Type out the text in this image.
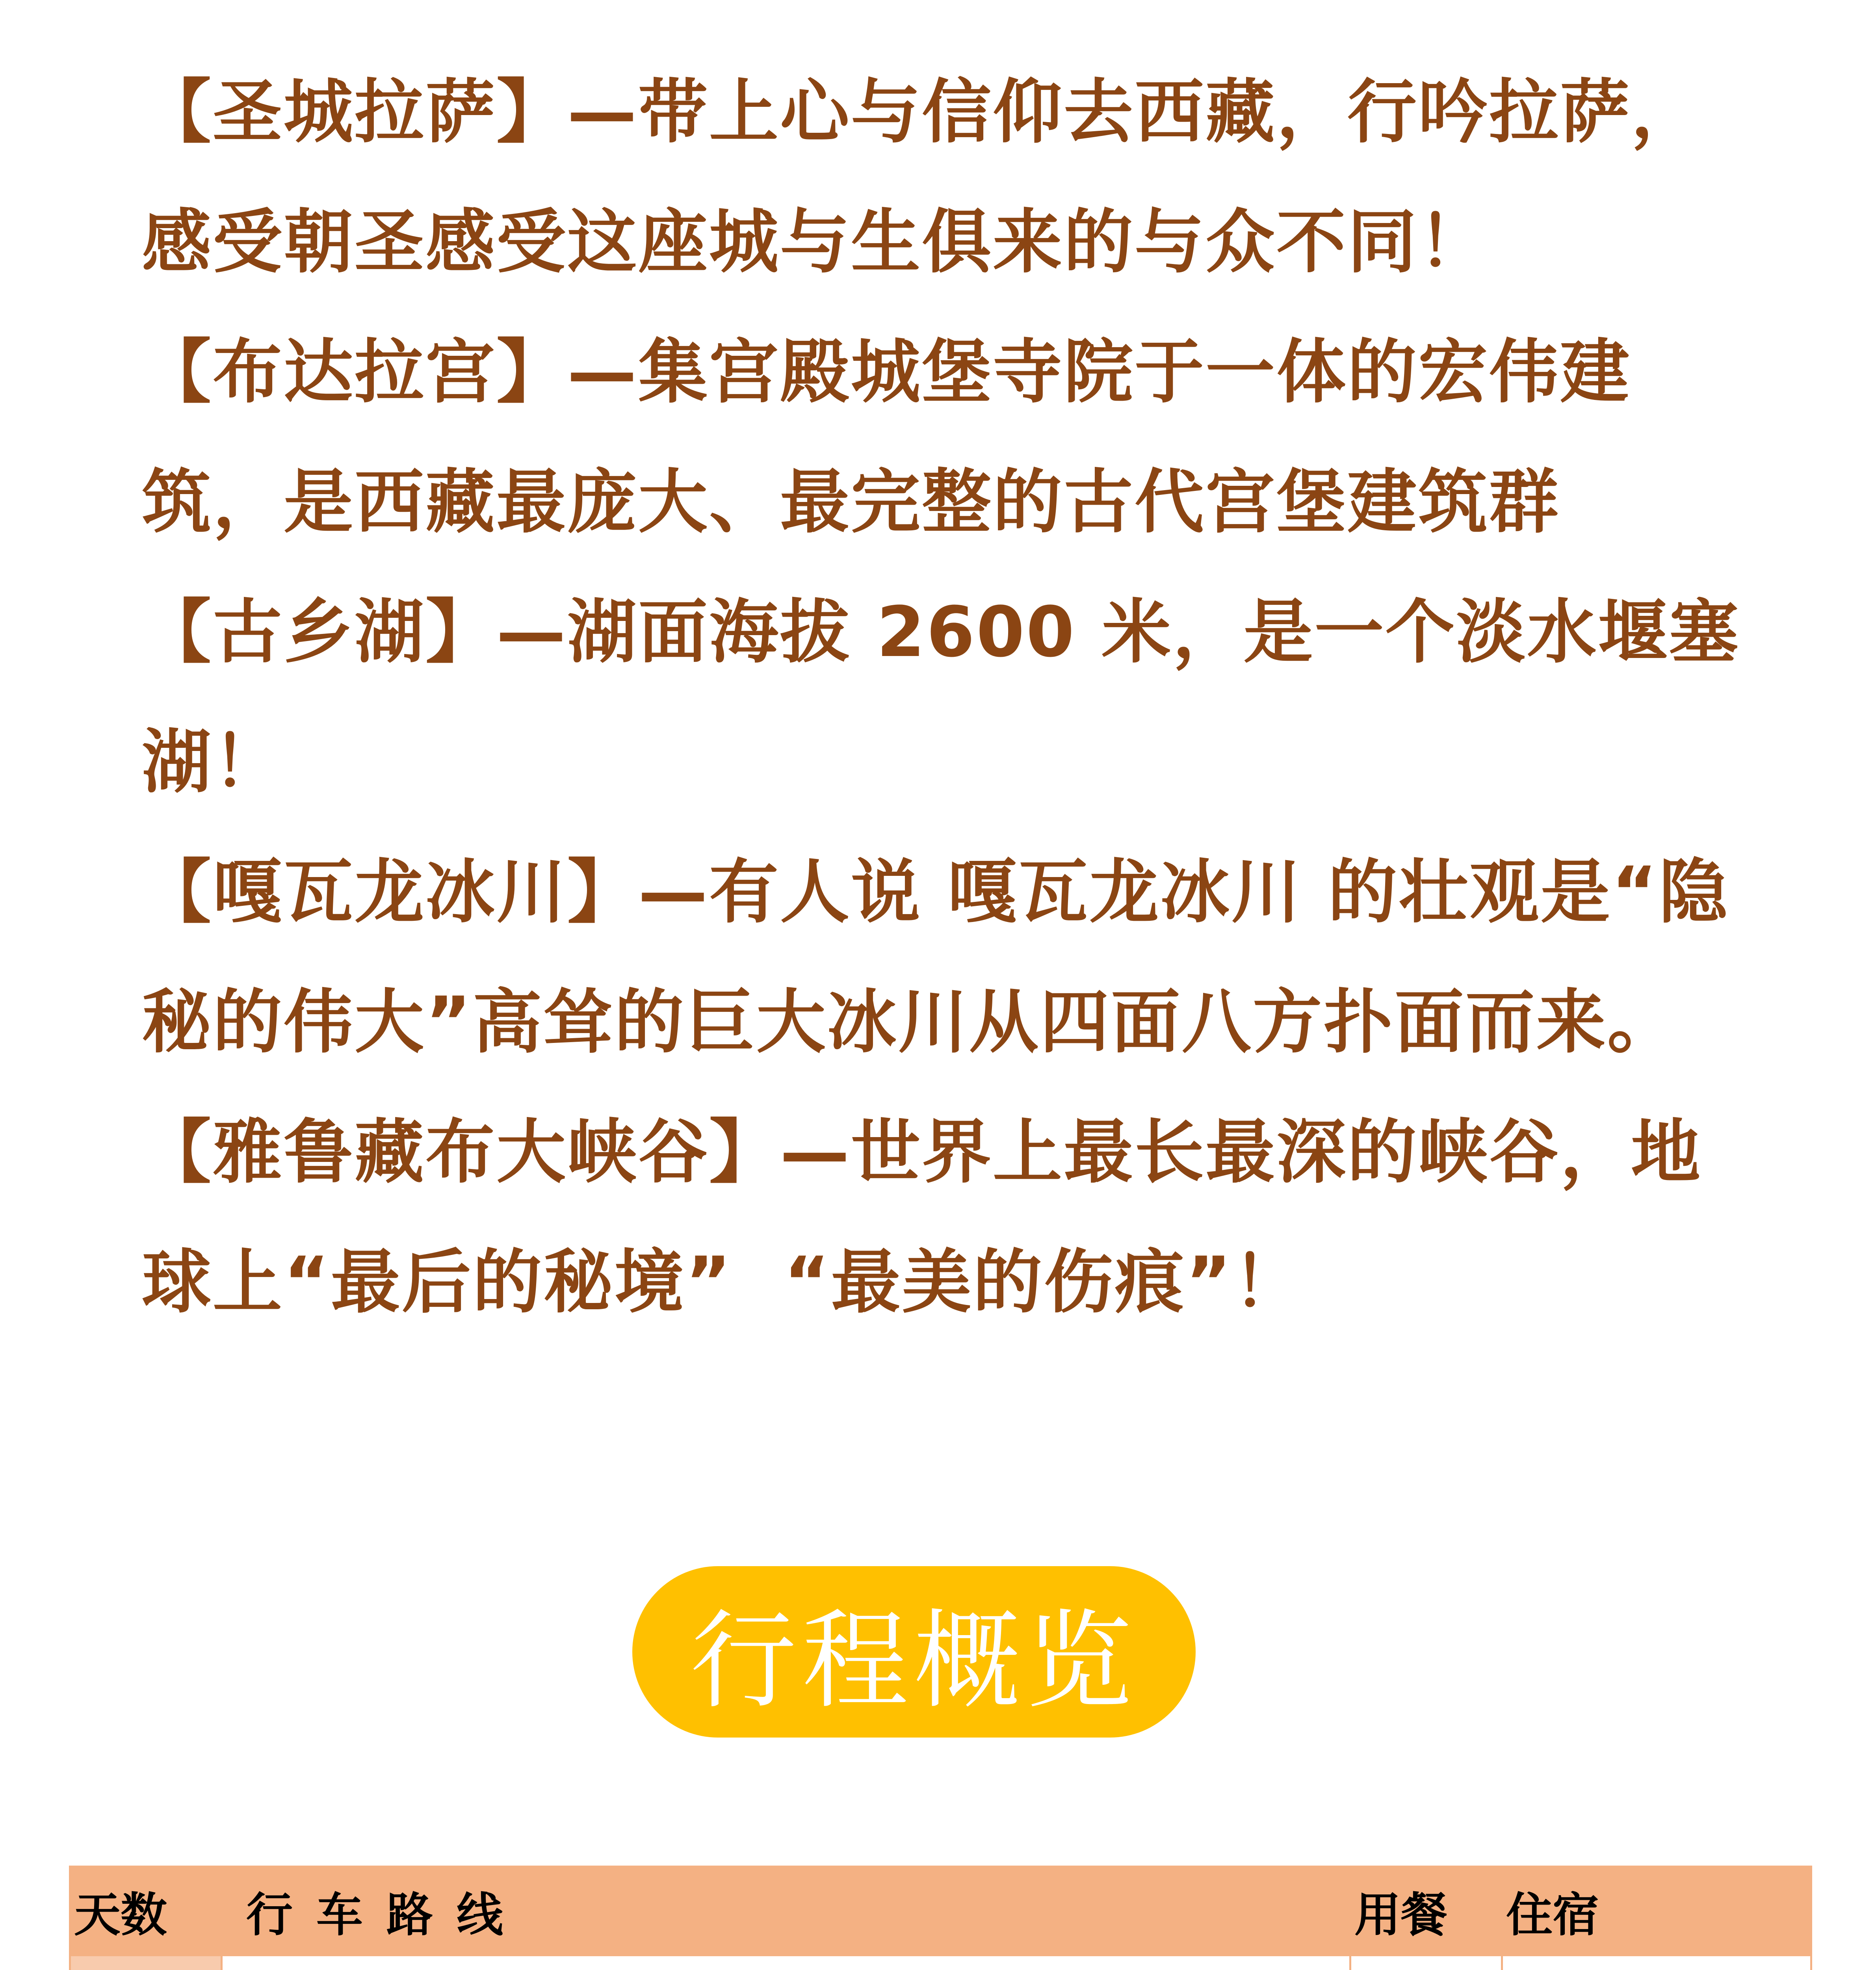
【圣城拉萨】—带上心与信仰去西藏，行吟拉萨，感受朝圣感受这座城与生俱来的与众不同！

【布达拉宫】—集宫殿城堡寺院于一体的宏伟建筑，是西藏最庞大、最完整的古代宫堡建筑群

【古乡湖】—湖面海拔 2600 米，是一个淡水堰塞湖！

【嘎瓦龙冰川】—有人说 嘎瓦龙冰川 的壮观是“隐秘的伟大”高耸的巨大冰川从四面八方扑面而来。

【雅鲁藏布大峡谷】—世界上最长最深的峡谷，地球上“最后的秘境”  “最美的伤痕”！

行程概览
天数	行车路线	用餐	住宿
